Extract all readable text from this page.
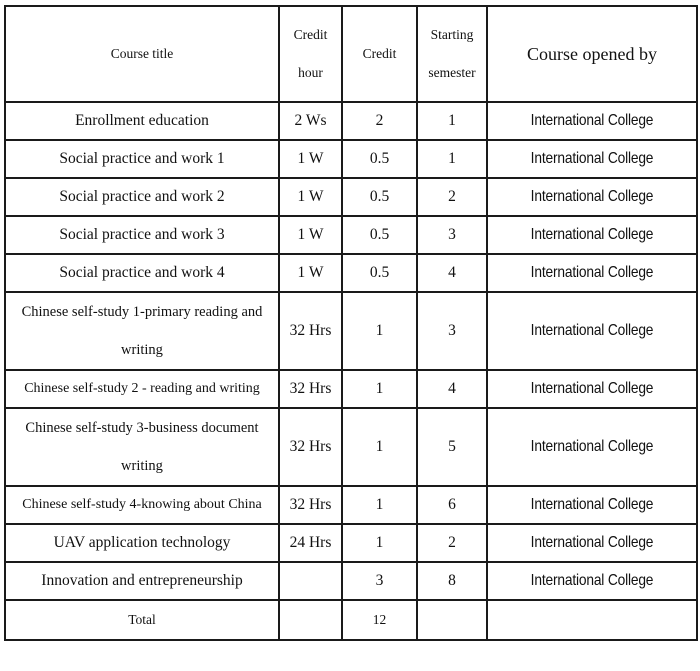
Course title	Credit hour	Credit	Starting semester	Course opened by
Enrollment education	2 Ws	2	1	International College
Social practice and work 1	1 W	0.5	1	International College
Social practice and work 2	1 W	0.5	2	International College
Social practice and work 3	1 W	0.5	3	International College
Social practice and work 4	1 W	0.5	4	International College
Chinese self-study 1-primary reading and writing	32 Hrs	1	3	International College
Chinese self-study 2 - reading and writing	32 Hrs	1	4	International College
Chinese self-study 3-business document writing	32 Hrs	1	5	International College
Chinese self-study 4-knowing about China	32 Hrs	1	6	International College
UAV application technology	24 Hrs	1	2	International College
Innovation and entrepreneurship		3	8	International College
Total		12		
